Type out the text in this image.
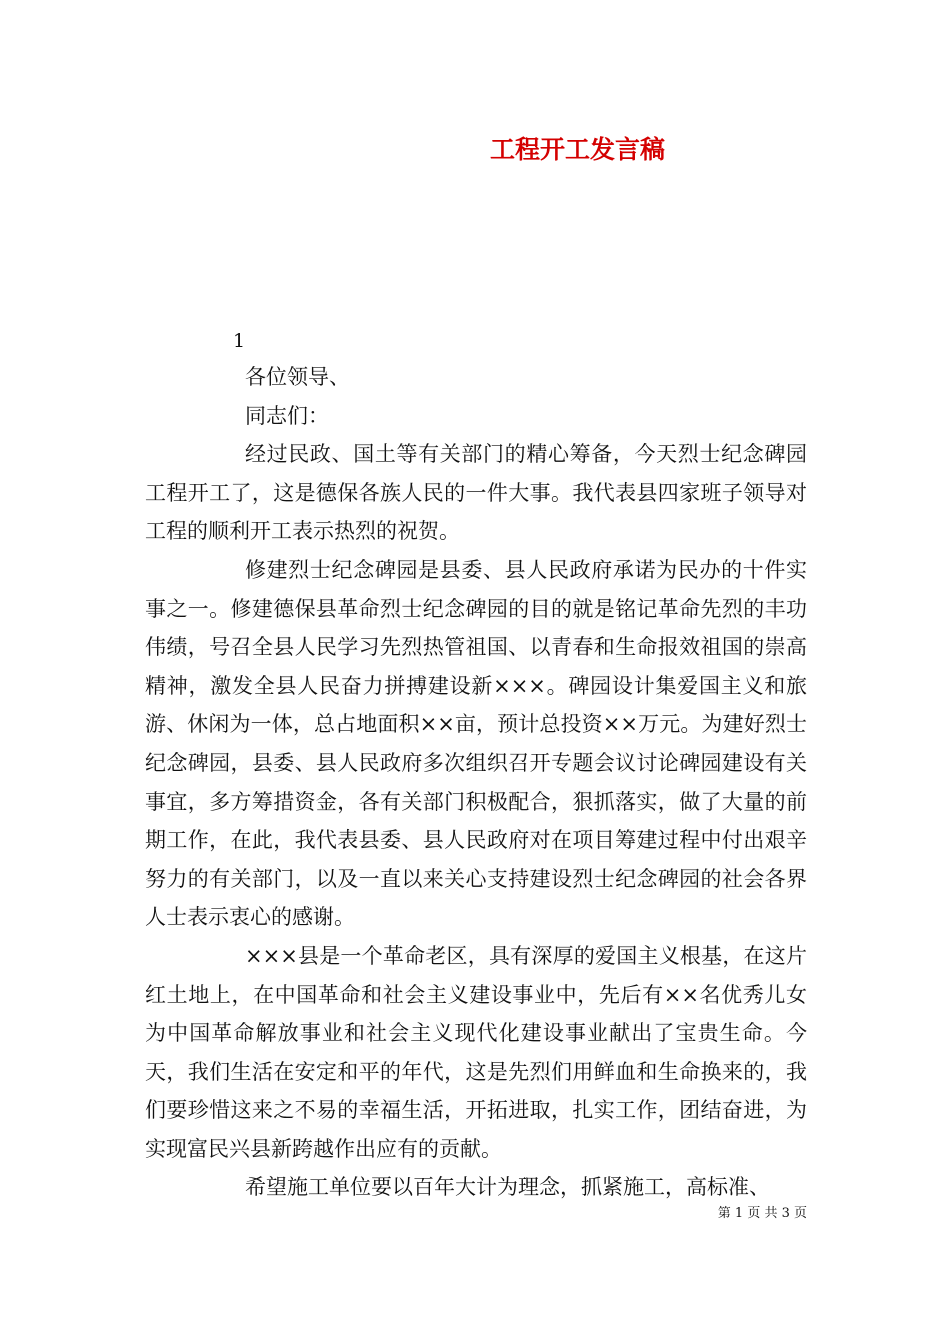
工程开工发言稿
1

各位领导、

同志们：

经过民政、国土等有关部门的精心筹备，今天烈士纪念碑园工程开工了，这是德保各族人民的一件大事。我代表县四家班子领导对工程的顺利开工表示热烈的祝贺。

修建烈士纪念碑园是县委、县人民政府承诺为民办的十件实事之一。修建德保县革命烈士纪念碑园的目的就是铭记革命先烈的丰功伟绩，号召全县人民学习先烈热管祖国、以青春和生命报效祖国的崇高精神，激发全县人民奋力拼搏建设新×××。碑园设计集爱国主义和旅游、休闲为一体，总占地面积××亩，预计总投资××万元。为建好烈士纪念碑园，县委、县人民政府多次组织召开专题会议讨论碑园建设有关事宜，多方筹措资金，各有关部门积极配合，狠抓落实，做了大量的前期工作，在此，我代表县委、县人民政府对在项目筹建过程中付出艰辛努力的有关部门，以及一直以来关心支持建设烈士纪念碑园的社会各界人士表示衷心的感谢。

×××县是一个革命老区，具有深厚的爱国主义根基，在这片红土地上，在中国革命和社会主义建设事业中，先后有××名优秀儿女为中国革命解放事业和社会主义现代化建设事业献出了宝贵生命。今天，我们生活在安定和平的年代，这是先烈们用鲜血和生命换来的，我们要珍惜这来之不易的幸福生活，开拓进取，扎实工作，团结奋进，为实现富民兴县新跨越作出应有的贡献。

希望施工单位要以百年大计为理念，抓紧施工，高标准、

第 1 页 共 3 页
